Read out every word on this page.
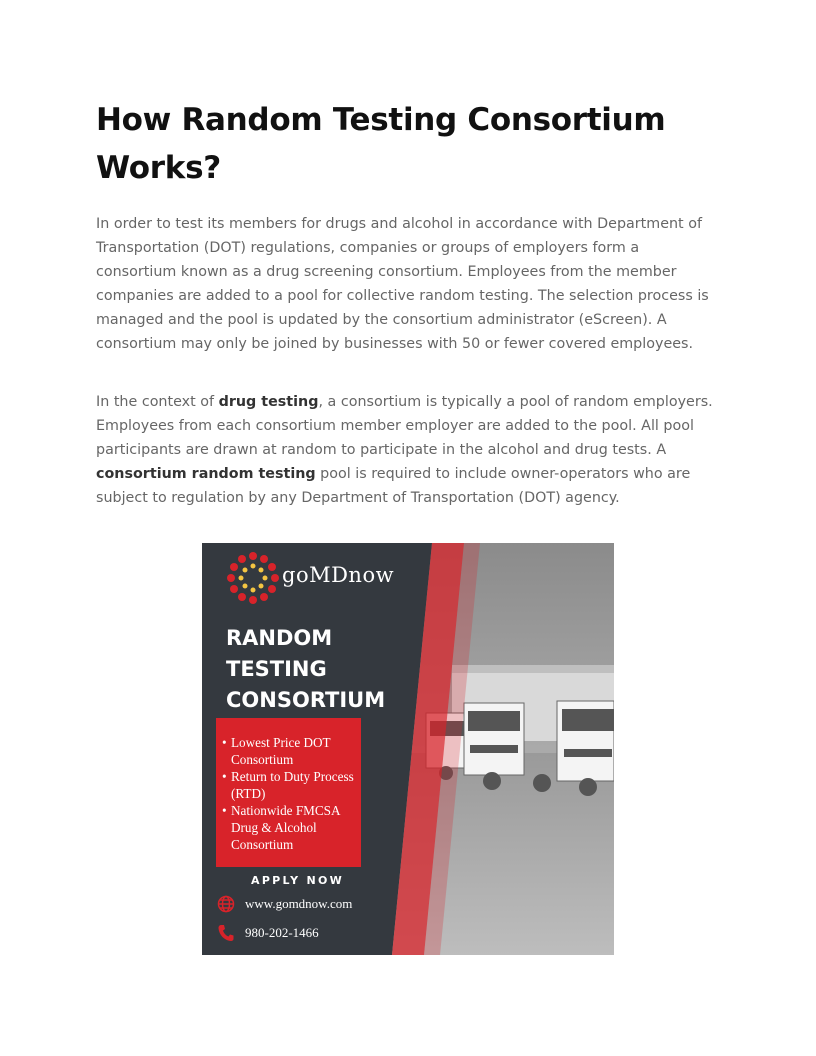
How Random Testing Consortium Works?

In order to test its members for drugs and alcohol in accordance with Department of Transportation (DOT) regulations, companies or groups of employers form a consortium known as a drug screening consortium. Employees from the member companies are added to a pool for collective random testing. The selection process is managed and the pool is updated by the consortium administrator (eScreen). A consortium may only be joined by businesses with 50 or fewer covered employees.

In the context of drug testing, a consortium is typically a pool of random employers. Employees from each consortium member employer are added to the pool. All pool participants are drawn at random to participate in the alcohol and drug tests. A consortium random testing pool is required to include owner-operators who are subject to regulation by any Department of Transportation (DOT) agency.

goMDnow
RANDOM
TESTING
CONSORTIUM
• Lowest Price DOT Consortium
• Return to Duty Process (RTD)
• Nationwide FMCSA Drug & Alcohol Consortium
APPLY NOW
www.gomdnow.com
980-202-1466
